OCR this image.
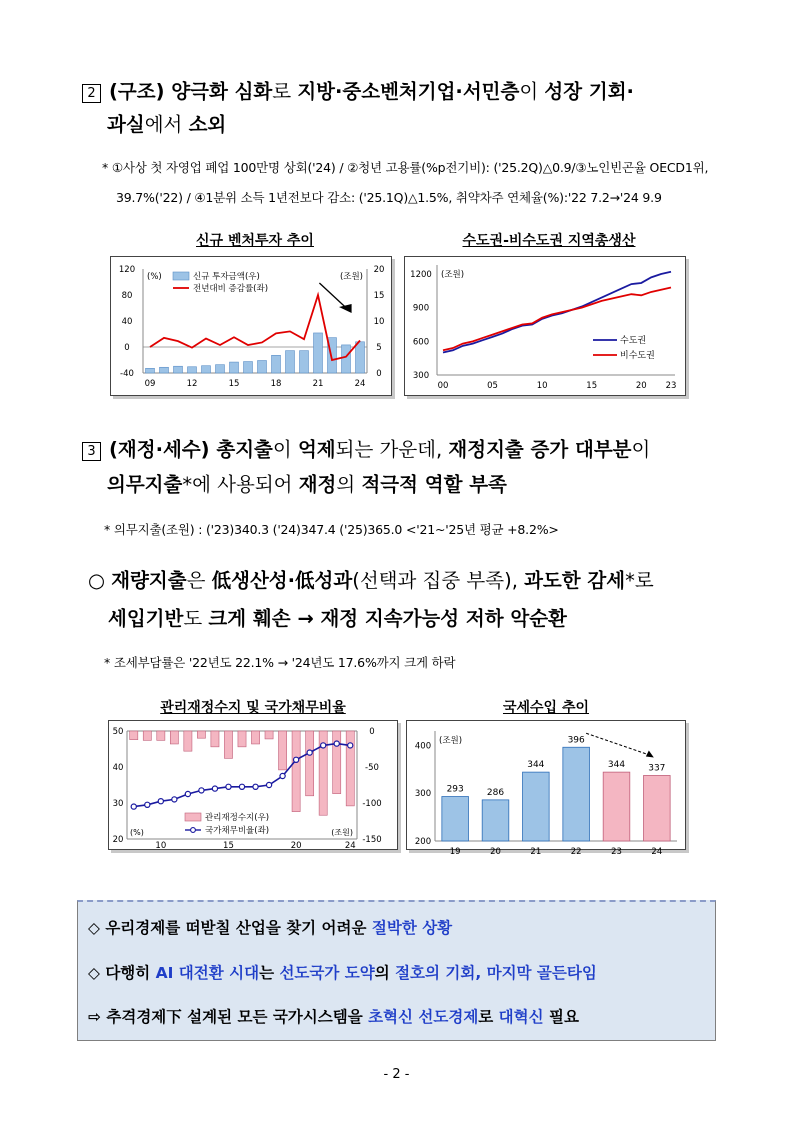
2 (구조) 양극화 심화로 지방·중소벤처기업·서민층이 성장 기회·
과실에서 소외
* ①사상 첫 자영업 폐업 100만명 상회('24) / ②청년 고용률(%p전기비): ('25.2Q)△0.9/③노인빈곤율 OECD1위,
39.7%('22) / ④1분위 소득 1년전보다 감소: ('25.1Q)△1.5%, 취약차주 연체율(%):'22 7.2→'24 9.9
신규 벤처투자 추이	수도권-비수도권 지역총생산
120
80
40
0
-40
20
15
10
5
0
09	12	15	18	21	24
(%)	(조원)
신규 투자금액(우)
전년대비 증감률(좌)
1200
900
600
300
수도권
비수도권
00	05	10	15	20 23
(조원)
3 (재정·세수) 총지출이 억제되는 가운데, 재정지출 증가 대부분이
의무지출*에 사용되어 재정의 적극적 역할 부족
* 의무지출(조원) : ('23)340.3 ('24)347.4 ('25)365.0 <'21~'25년 평균 +8.2%>
○ 재량지출은 低생산성·低성과(선택과 집중 부족), 과도한 감세*로
세입기반도 크게 훼손 → 재정 지속가능성 저하 악순환
* 조세부담률은 '22년도 22.1% → '24년도 17.6%까지 크게 하락
관리재정수지 및 국가채무비율	국세수입 추이
50
40
30
20
0
-50
-100
-150
10	15	20	24
(%)	(조원)
관리재정수지(우)
국가채무비율(좌)
400
300
200
293
19
286
20
344
21
396
22
344
23
337
24
(조원)
◇ 우리경제를 떠받칠 산업을 찾기 어려운 절박한 상황
◇ 다행히 AI 대전환 시대는 선도국가 도약의 절호의 기회, 마지막 골든타임
⇨ 추격경제下 설계된 모든 국가시스템을 초혁신 선도경제로 대혁신 필요
- 2 -
